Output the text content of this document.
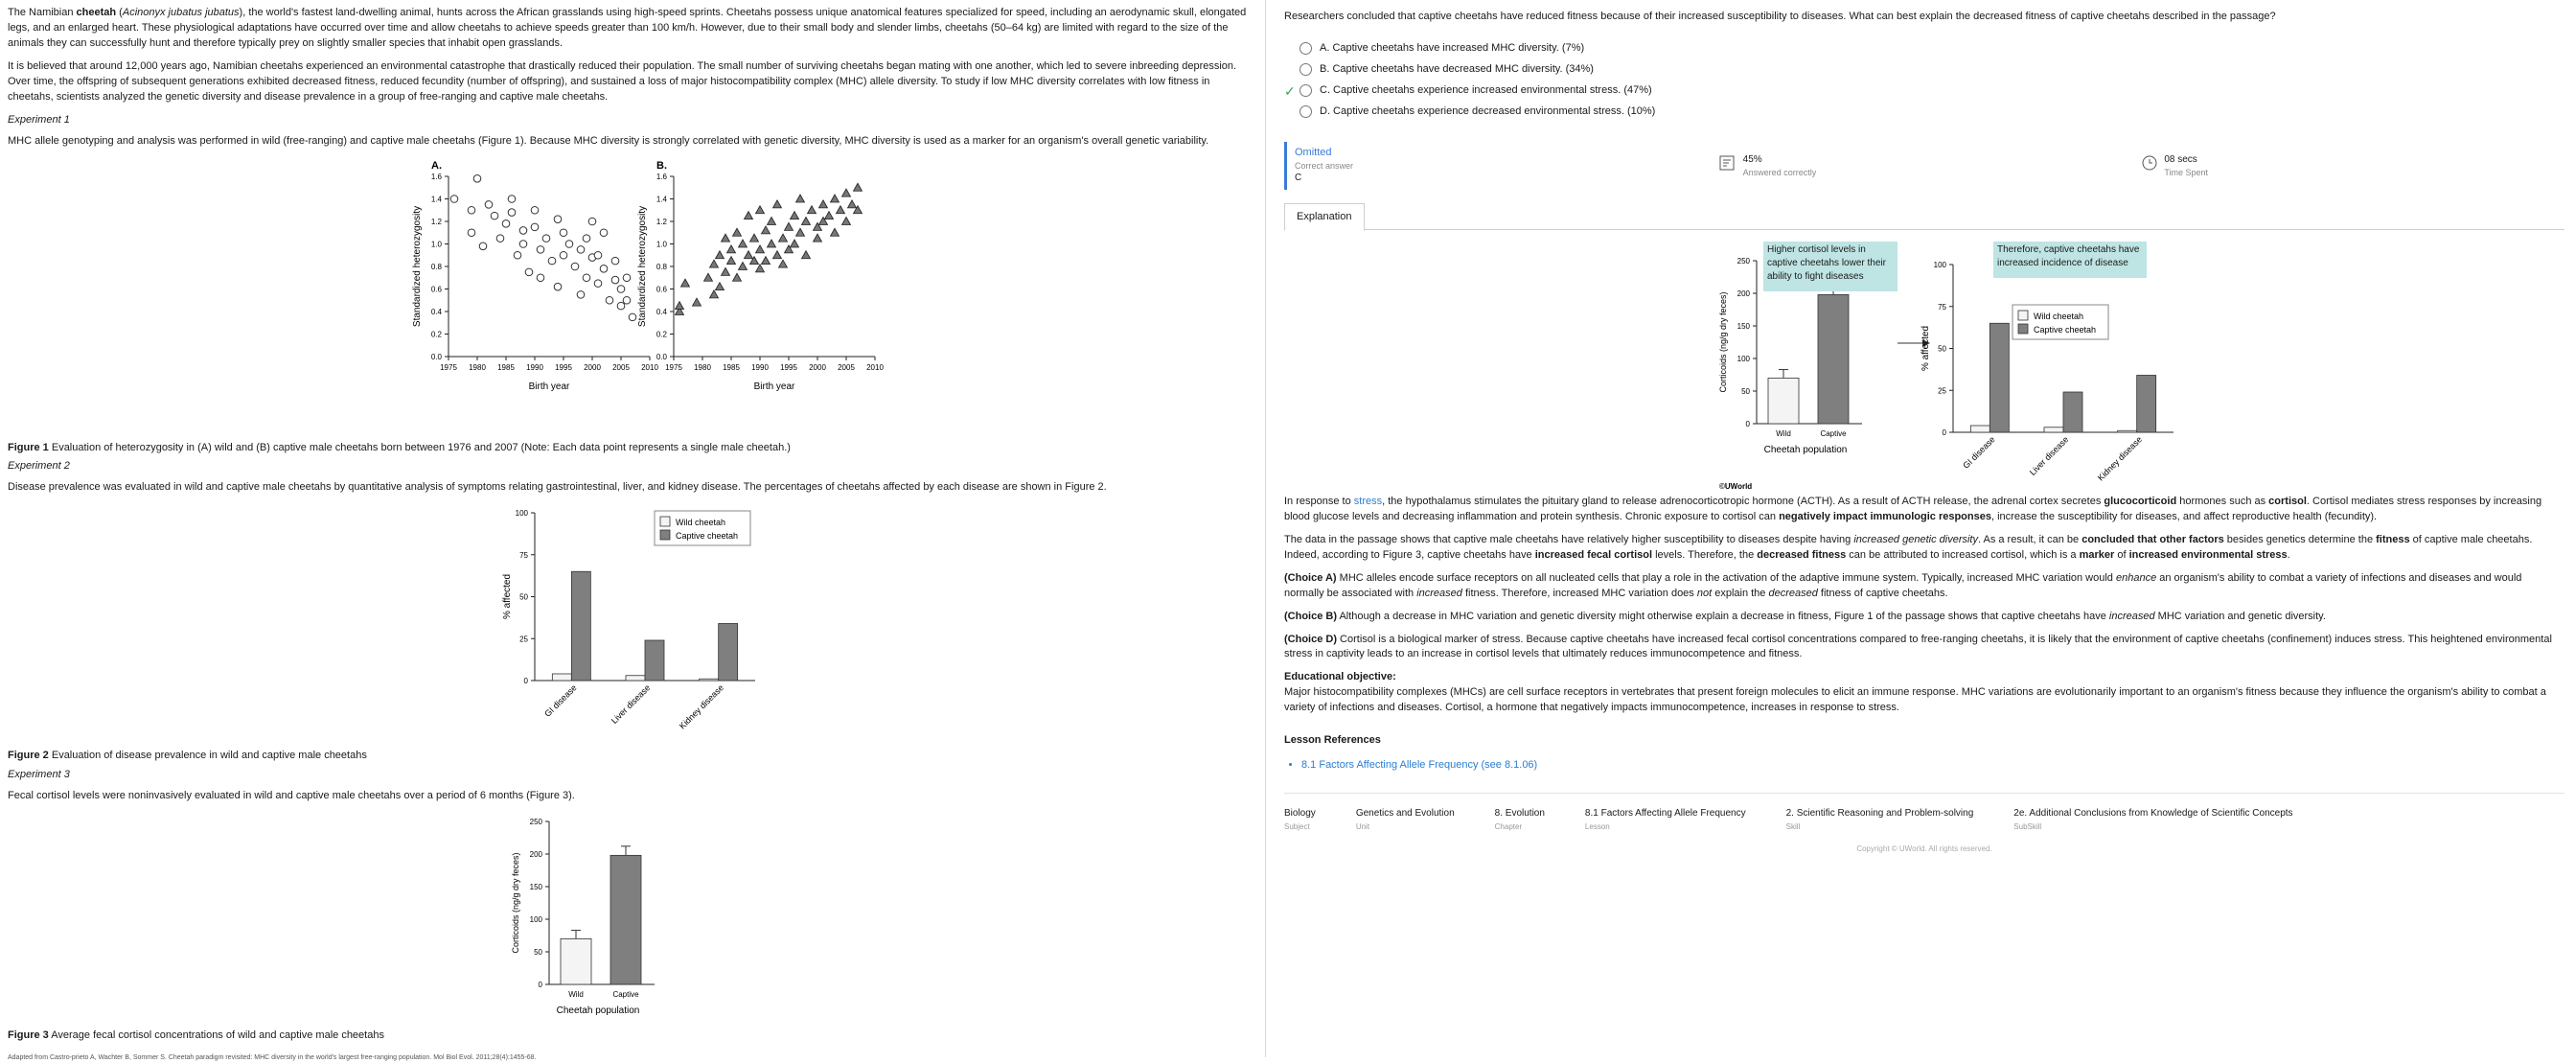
The Namibian cheetah (Acinonyx jubatus jubatus), the world's fastest land-dwelling animal, hunts across the African grasslands using high-speed sprints. Cheetahs possess unique anatomical features specialized for speed, including an aerodynamic skull, elongated legs, and an enlarged heart. These physiological adaptations have occurred over time and allow cheetahs to achieve speeds greater than 100 km/h. However, due to their small body and slender limbs, cheetahs (50–64 kg) are limited with regard to the size of the animals they can successfully hunt and therefore typically prey on slightly smaller species that inhabit open grasslands.

It is believed that around 12,000 years ago, Namibian cheetahs experienced an environmental catastrophe that drastically reduced their population. The small number of surviving cheetahs began mating with one another, which led to severe inbreeding depression. Over time, the offspring of subsequent generations exhibited decreased fitness, reduced fecundity (number of offspring), and sustained a loss of major histocompatibility complex (MHC) allele diversity. To study if low MHC diversity correlates with low fitness in cheetahs, scientists analyzed the genetic diversity and disease prevalence in a group of free-ranging and captive male cheetahs.

Experiment 1

MHC allele genotyping and analysis was performed in wild (free-ranging) and captive male cheetahs (Figure 1). Because MHC diversity is strongly correlated with genetic diversity, MHC diversity is used as a marker for an organism's overall genetic variability.

A.
0.0
0.2
0.4
0.6
0.8
1.0
1.2
1.4
1.6
1975 1980 1985 1990 1995 2000 2005 2010
Birth year
Standardized heterozygosity
B.
0.0
0.2
0.4
0.6
0.8
1.0
1.2
1.4
1.6
1975 1980 1985 1990 1995 2000 2005 2010
Birth year
Standardized heterozygosity
Figure 1 Evaluation of heterozygosity in (A) wild and (B) captive male cheetahs born between 1976 and 2007 (Note: Each data point represents a single male cheetah.)
Experiment 2

Disease prevalence was evaluated in wild and captive male cheetahs by quantitative analysis of symptoms relating gastrointestinal, liver, and kidney disease. The percentages of cheetahs affected by each disease are shown in Figure 2.

0
25
50
75
100
% affected
GI disease	Liver disease	Kidney disease
Wild cheetah
Captive cheetah
Figure 2 Evaluation of disease prevalence in wild and captive male cheetahs
Experiment 3

Fecal cortisol levels were noninvasively evaluated in wild and captive male cheetahs over a period of 6 months (Figure 3).

0
50
100
150
200
250
Corticoids (ng/g dry feces)
Wild	Captive
Cheetah population
Figure 3 Average fecal cortisol concentrations of wild and captive male cheetahs
Adapted from Castro-prieto A, Wachter B, Sommer S. Cheetah paradigm revisited: MHC diversity in the world's largest free-ranging population. Mol Biol Evol. 2011;28(4):1455-68.
Researchers concluded that captive cheetahs have reduced fitness because of their increased susceptibility to diseases. What can best explain the decreased fitness of captive cheetahs described in the passage?
A. Captive cheetahs have increased MHC diversity. (7%)
B. Captive cheetahs have decreased MHC diversity. (34%)
✓	C. Captive cheetahs experience increased environmental stress. (47%)
D. Captive cheetahs experience decreased environmental stress. (10%)
Omitted
Correct answer
C
45%
Answered correctly
08 secs
Time Spent
Explanation
0
50
100
150
200
250
Corticoids (ng/g dry feces)
Wild	Captive
Cheetah population
Higher cortisol levels in captive cheetahs lower their ability to fight diseases
0
25
50
75
100
% affected
GI disease	Liver disease	Kidney disease
Wild cheetah
Captive cheetah
Therefore, captive cheetahs have increased incidence of disease
©UWorld

In response to stress, the hypothalamus stimulates the pituitary gland to release adrenocorticotropic hormone (ACTH). As a result of ACTH release, the adrenal cortex secretes glucocorticoid hormones such as cortisol. Cortisol mediates stress responses by increasing blood glucose levels and decreasing inflammation and protein synthesis. Chronic exposure to cortisol can negatively impact immunologic responses, increase the susceptibility for diseases, and affect reproductive health (fecundity).

The data in the passage shows that captive male cheetahs have relatively higher susceptibility to diseases despite having increased genetic diversity. As a result, it can be concluded that other factors besides genetics determine the fitness of captive male cheetahs. Indeed, according to Figure 3, captive cheetahs have increased fecal cortisol levels. Therefore, the decreased fitness can be attributed to increased cortisol, which is a marker of increased environmental stress.

(Choice A) MHC alleles encode surface receptors on all nucleated cells that play a role in the activation of the adaptive immune system. Typically, increased MHC variation would enhance an organism's ability to combat a variety of infections and diseases and would normally be associated with increased fitness. Therefore, increased MHC variation does not explain the decreased fitness of captive cheetahs.

(Choice B) Although a decrease in MHC variation and genetic diversity might otherwise explain a decrease in fitness, Figure 1 of the passage shows that captive cheetahs have increased MHC variation and genetic diversity.

(Choice D) Cortisol is a biological marker of stress. Because captive cheetahs have increased fecal cortisol concentrations compared to free-ranging cheetahs, it is likely that the environment of captive cheetahs (confinement) induces stress. This heightened environmental stress in captivity leads to an increase in cortisol levels that ultimately reduces immunocompetence and fitness.

Educational objective:

Major histocompatibility complexes (MHCs) are cell surface receptors in vertebrates that present foreign molecules to elicit an immune response. MHC variations are evolutionarily important to an organism's fitness because they influence the organism's ability to combat a variety of infections and diseases. Cortisol, a hormone that negatively impacts immunocompetence, increases in response to stress.

Lesson References
• 8.1 Factors Affecting Allele Frequency (see 8.1.06)
Biology
Subject
Genetics and Evolution
Unit
8. Evolution
Chapter
8.1 Factors Affecting Allele Frequency
Lesson
2. Scientific Reasoning and Problem-solving
Skill
2e. Additional Conclusions from Knowledge of Scientific Concepts
SubSkill
Copyright © UWorld. All rights reserved.
